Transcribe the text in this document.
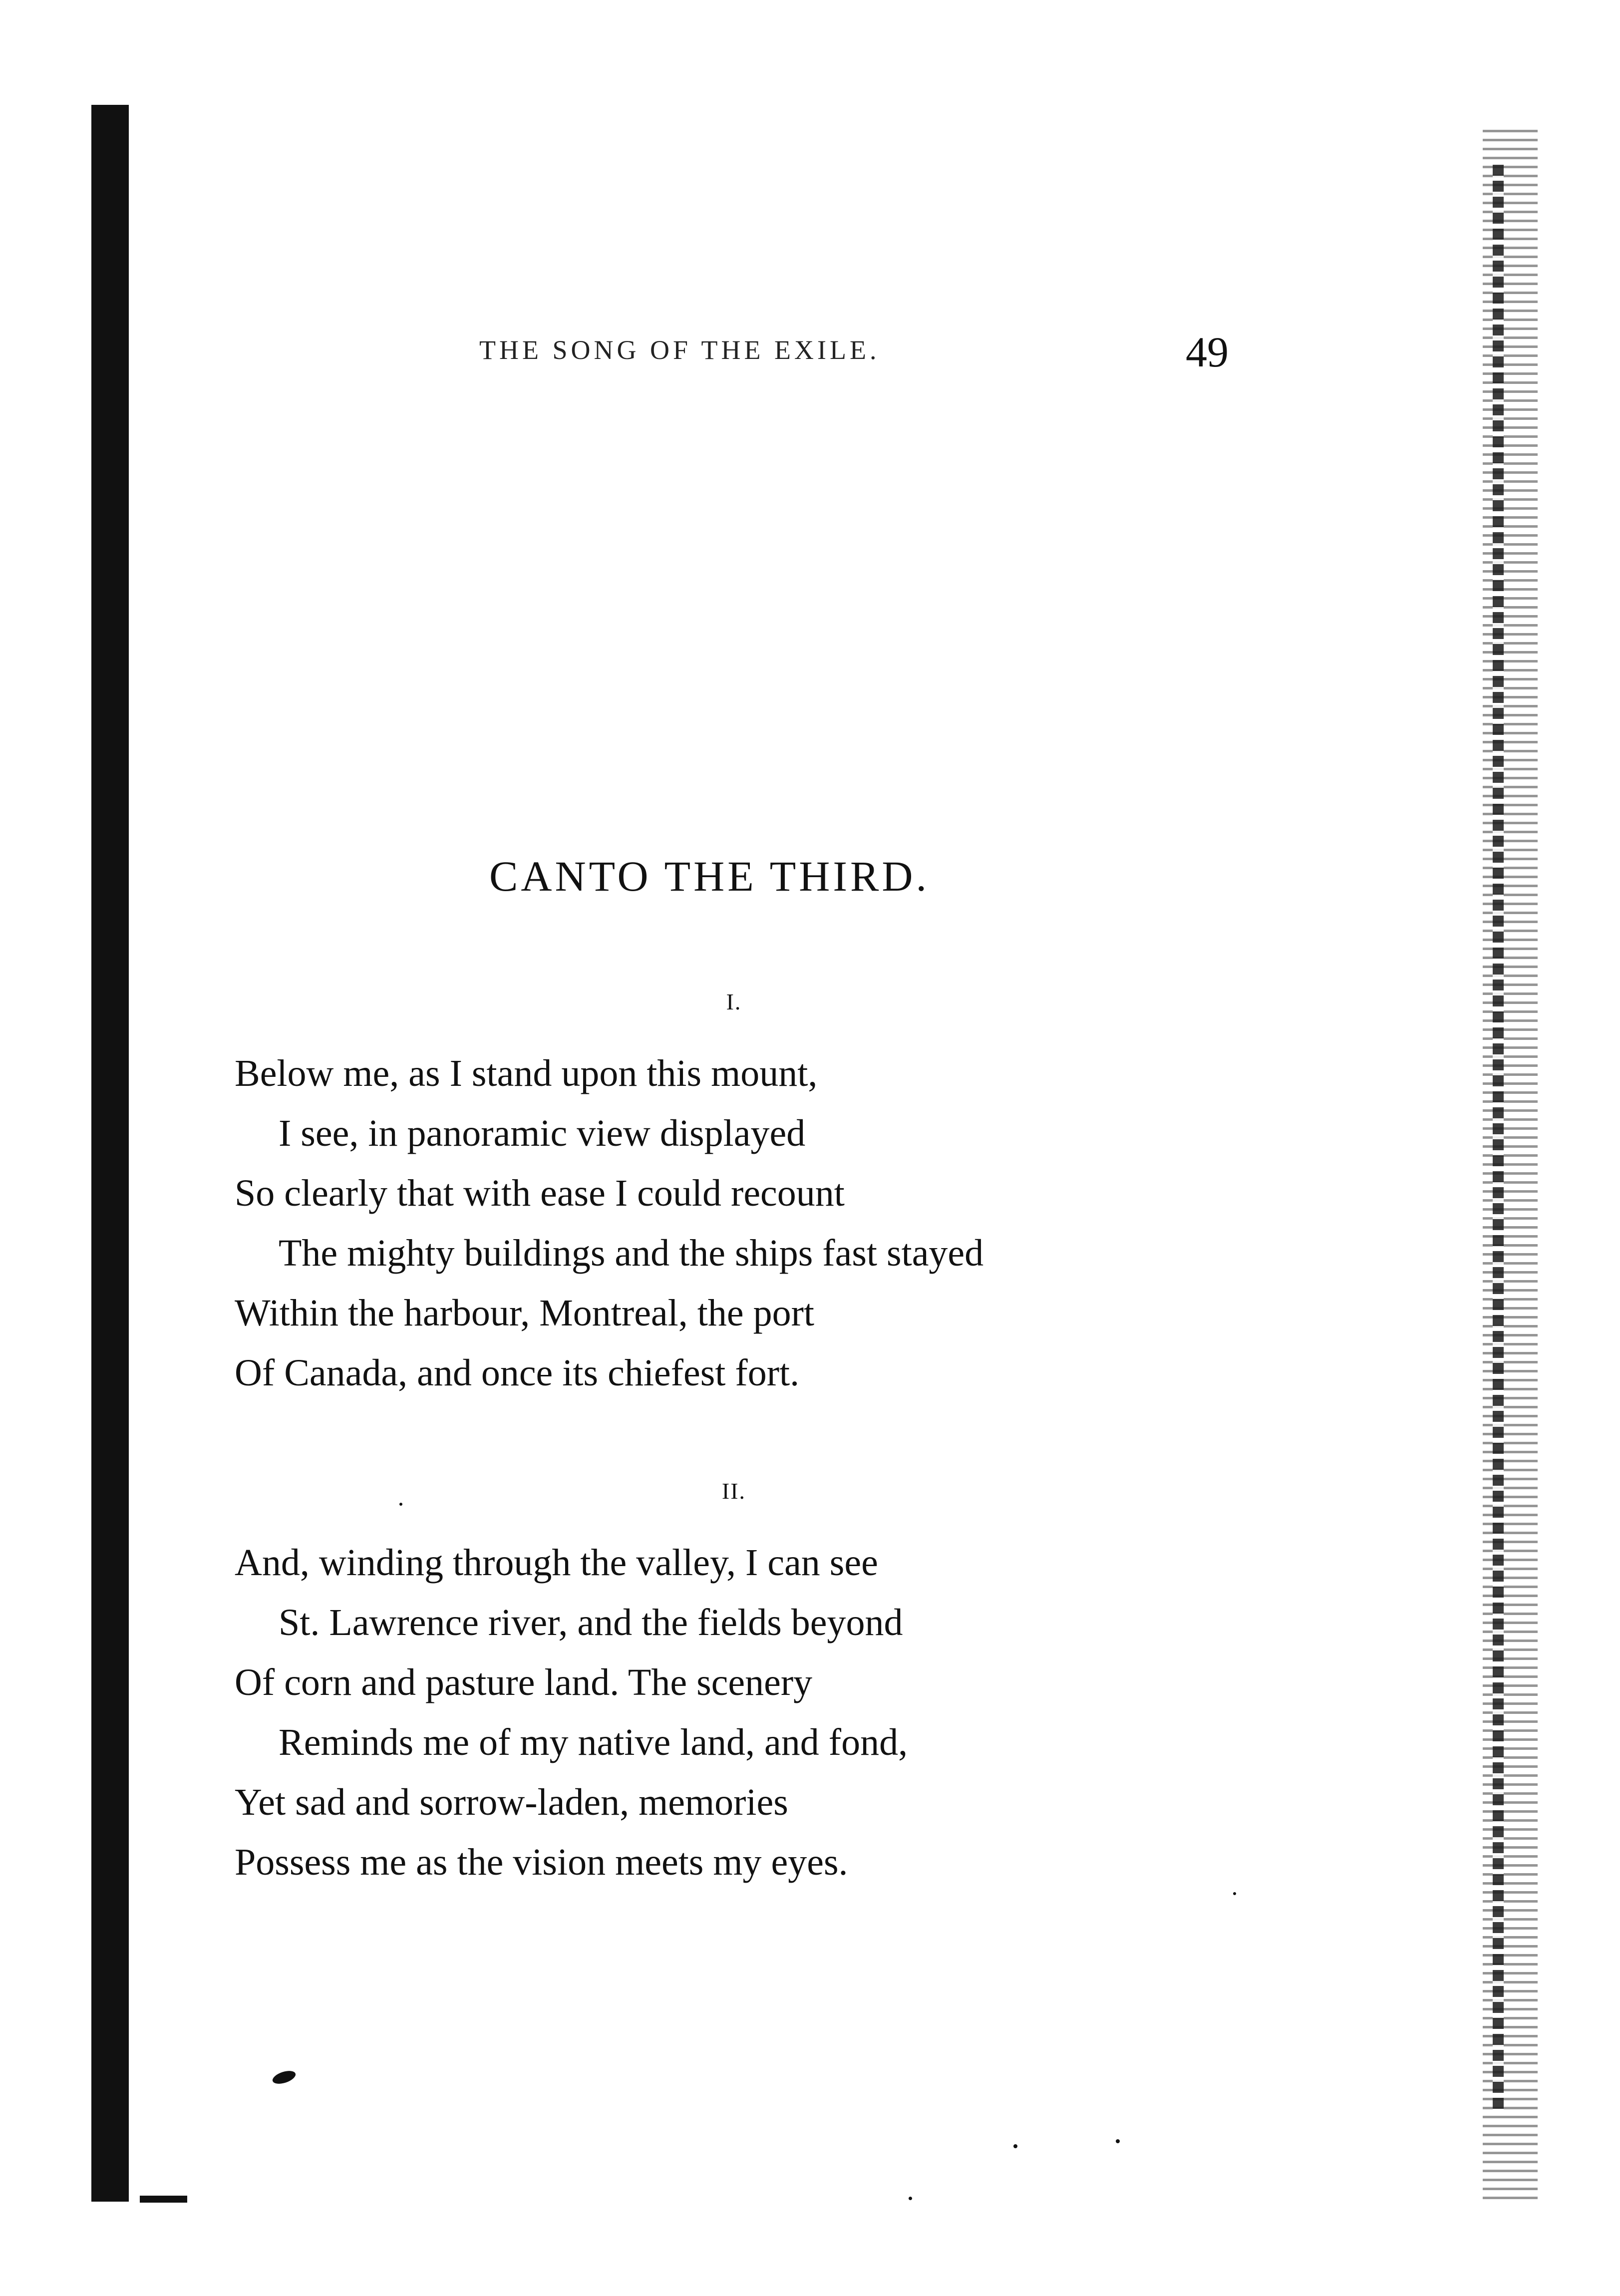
THE SONG OF THE EXILE.	49
CANTO THE THIRD.
I.
Below me, as I stand upon this mount,
I see, in panoramic view displayed
So clearly that with ease I could recount
The mighty buildings and the ships fast stayed
Within the harbour, Montreal, the port
Of Canada, and once its chiefest fort.
II.
And, winding through the valley, I can see
St. Lawrence river, and the fields beyond
Of corn and pasture land. The scenery
Reminds me of my native land, and fond,
Yet sad and sorrow-laden, memories
Possess me as the vision meets my eyes.
